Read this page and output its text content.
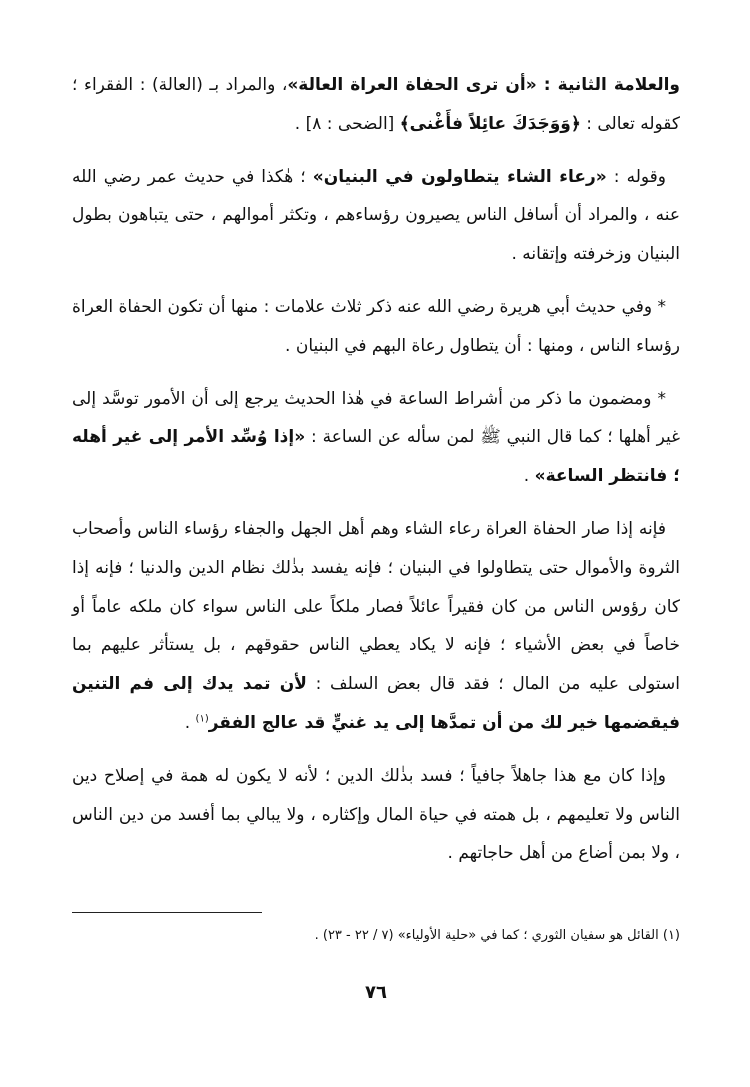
والعلامة الثانية : «أن ترى الحفاة العراة العالة»، والمراد بـ (العالة) : الفقراء ؛ كقوله تعالى : ﴿وَوَجَدَكَ عائِلاً فأَغْنى﴾ [الضحى : ٨] .

وقوله : «رعاء الشاء يتطاولون في البنيان» ؛ هٰكذا في حديث عمر رضي الله عنه ، والمراد أن أسافل الناس يصيرون رؤساءهم ، وتكثر أموالهم ، حتى يتباهون بطول البنيان وزخرفته وإتقانه .

* وفي حديث أبي هريرة رضي الله عنه ذكر ثلاث علامات : منها أن تكون الحفاة العراة رؤساء الناس ، ومنها : أن يتطاول رعاة البهم في البنيان .

* ومضمون ما ذكر من أشراط الساعة في هٰذا الحديث يرجع إلى أن الأمور توسَّد إلى غير أهلها ؛ كما قال النبي ﷺ لمن سأله عن الساعة : «إذا وُسِّد الأمر إلى غير أهله ؛ فانتظر الساعة» .

فإنه إذا صار الحفاة العراة رعاء الشاء وهم أهل الجهل والجفاء رؤساء الناس وأصحاب الثروة والأموال حتى يتطاولوا في البنيان ؛ فإنه يفسد بذٰلك نظام الدين والدنيا ؛ فإنه إذا كان رؤوس الناس من كان فقيراً عائلاً فصار ملكاً على الناس سواء كان ملكه عاماً أو خاصاً في بعض الأشياء ؛ فإنه لا يكاد يعطي الناس حقوقهم ، بل يستأثر عليهم بما استولى عليه من المال ؛ فقد قال بعض السلف : لأن تمد يدك إلى فم التنين فيقضمها خير لك من أن تمدَّها إلى يد غنيٍّ قد عالج الفقر$^{(١)}$ .

وإذا كان مع هذا جاهلاً جافياً ؛ فسد بذٰلك الدين ؛ لأنه لا يكون له همة في إصلاح دين الناس ولا تعليمهم ، بل همته في حياة المال وإكثاره ، ولا يبالي بما أفسد من دين الناس ، ولا بمن أضاع من أهل حاجاتهم .

(١) القائل هو سفيان الثوري ؛ كما في «حلية الأولياء» (٧ / ٢٢ - ٢٣) .
٧٦
